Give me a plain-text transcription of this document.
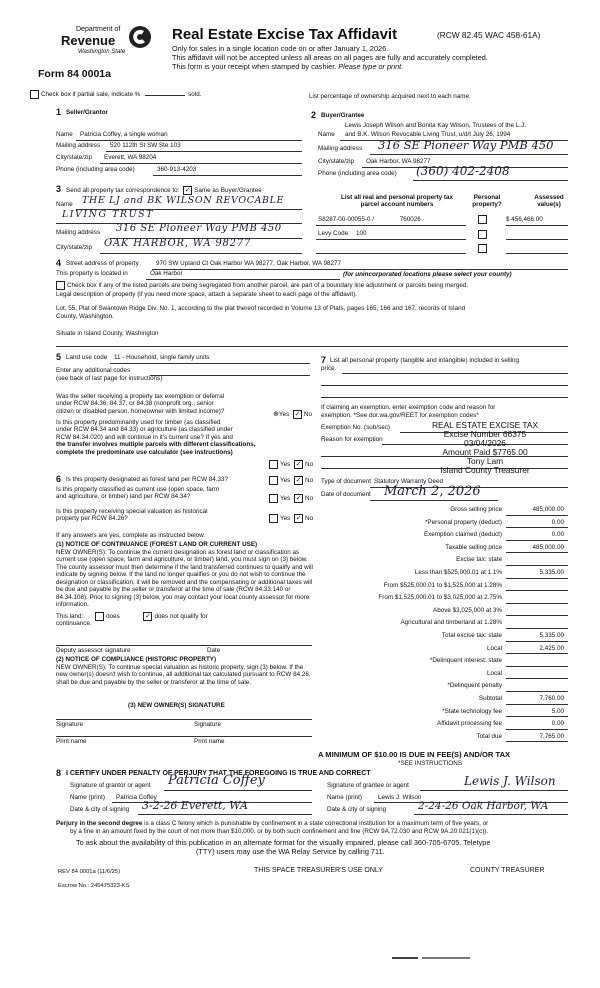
Department of
Revenue
Washington State
Form 84 0001a
Real Estate Excise Tax Affidavit	(RCW 82.45 WAC 458-61A)
Only for sales in a single location code on or after January 1, 2026.
This affidavit will not be accepted unless all areas on all pages are fully and accurately completed.
This form is your receipt when stamped by cashier. Please type or print.
Check box if partial sale, indicate %	sold.	List percentage of ownership acquired next to each name.
1 Seller/Grantor
Name Patricia Coffey, a single woman
Mailing address 520 112th St SW Ste 103
City/state/zip Everett, WA 98204
Phone (including area code)	360-913-4203
2 Buyer/Grantee
Lewis Joseph Wilson and Bonita Kay Wilson, Trustees of the L.J.
Name and B.K. Wilson Revocable Living Trust, u/d/t July 26, 1994
Mailing address 316 SE Pioneer Way PMB 450
City/state/zip Oak Harbor, WA 98277
Phone (including area code) (360) 402-2408
3 Send all property tax correspondence to: ✓ Same as Buyer/Grantee
Name THE LJ and BK WILSON REVOCABLE
LIVING TRUST
Mailing address 316 SE Pioneer Way PMB 450
City/state/zip OAK HARBOR, WA 98277
List all real and personal property tax
parcel account numbers
Personal
property?
Assessed
value(s)
S8287-00-00055-0 /	760026	$ 456,466.00
Levy Code: 100
4 Street address of property	970 SW Upland Ct Oak Harbor WA 98277, Oak Harbor, WA 98277
This property is located in	Oak Harbor	(for unincorporated locations please select your county)
Check box if any of the listed parcels are being segregated from another parcel, are part of a boundary line adjustment or parcels being merged.
Legal description of property (if you need more space, attach a separate sheet to each page of the affidavit).
Lot, 55, Plat of Swantown Ridge Div. No. 1, according to the plat thereof recorded in Volume 13 of Plats, pages 165, 166 and 167, records of Island
County, Washington.
Situate in Island County, Washington
5 Land use code 11 - Household, single family units
Enter any additional codes
(see back of last page for instructions)
Was the seller receiving a property tax exemption or deferral
under RCW 84.36, 84.37, or 84.38 (nonprofit org., senior
citizen or disabled person, homeowner with limited income)?	⊕Yes ✓ No
Is this property predominantly used for timber (as classified
under RCW 84.34 and 84.33) or agriculture (as classified under
RCW 84.34.020) and will continue in it's current use? If yes and
the transfer involves multiple parcels with different classifications,
complete the predominate use calculator (see instructions)
Yes ✓ No
6 Is this property designated as forest land per RCW 84.33?	Yes ✓ No
Is this property classified as current use (open space, farm
and agriculture, or timber) land per RCW 84.34?	Yes ✓ No
Is this property receiving special valuation as historical
property per RCW 84.26?	Yes ✓ No
If any answers are yes, complete as instructed below.
(1) NOTICE OF CONTINUANCE (FOREST LAND OR CURRENT USE)
NEW OWNER(S): To continue the current designation as forest land or classification as current use (open space, farm and agriculture, or timber) land, you must sign on (3) below. The county assessor must then determine if the land transferred continues to qualify and will indicate by signing below. If the land no longer qualifies or you do not wish to continue the designation or classification, it will be removed and the compensating or additional taxes will be due and payable by the seller or transferor at the time of sale (RCW 84.33.140 or 84.34.108). Prior to signing (3) below, you may contact your local county assessor for more information.
This land:	does ✓	does not qualify for
continuance.
Deputy assessor signature	Date
(2) NOTICE OF COMPLIANCE (HISTORIC PROPERTY)
NEW OWNER(S): To continue special valuation as historic property, sign (3) below. If the new owner(s) doesn't wish to continue, all additional tax calculated pursuant to RCW 84.26, shall be due and payable by the seller or transferor at the time of sale.
(3) NEW OWNER(S) SIGNATURE
Signature	Signature
Print name	Print name
7 List all personal property (tangible and intangible) included in selling
price.
If claiming an exemption, enter exemption code and reason for
exemption. *See dor.wa.gov/REET for exemption codes*
Exemption No. (sub/sec)
Reason for exemption
REAL ESTATE EXCISE TAX
Excise Number 66375
03/04/2026
Amount Paid $7765.00
Tony Lam
Island County Treasurer
Type of document Statutory Warranty Deed
Date of document March 2, 2026
Gross selling price	485,000.00
*Personal property (deduct)	0.00
Exemption claimed (deduct)	0.00
Taxable selling price	485,000.00
Excise tax: state
Less than $525,000.01 at 1.1%	5,335.00
From $525,000.01 to $1,525,000 at 1.28%
From $1,525,000.01 to $3,025,000 at 2.75%
Above $3,025,000 at 3%
Agricultural and timberland at 1.28%
Total excise tax: state	5,335.00
Local	2,425.00
*Delinquent interest: state
Local
*Delinquent penalty
Subtotal	7,760.00
*State technology fee	5.00
Affidavit processing fee	0.00
Total due	7,765.00
A MINIMUM OF $10.00 IS DUE IN FEE(S) AND/OR TAX
*SEE INSTRUCTIONS
8 I CERTIFY UNDER PENALTY OF PERJURY THAT THE FOREGOING IS TRUE AND CORRECT
Signature of grantor or agent Patricia Coffey
Name (print) Patricia Coffey
Date & city of signing 3-2-26 Everett, WA
Signature of grantee or agent	Lewis J. Wilson
Name (print)	Lewis J. Wilson
Date & city of signing	2-24-26 Oak Harbor, WA
Perjury in the second degree is a class C felony which is punishable by confinement in a state correctional institution for a maximum term of five years, or
by a fine in an amount fixed by the court of not more than $10,000, or by both such confinement and fine (RCW 9A.72.030 and RCW 9A.20.021(1)(c)).
To ask about the availability of this publication in an alternate format for the visually impaired, please call 360-705-6705. Teletype
(TTY) users may use the WA Relay Service by calling 711.
REV 84 0001a (11/6/25)	THIS SPACE TREASURER'S USE ONLY	COUNTY TREASURER
Escrow No.: 245475323-KS
